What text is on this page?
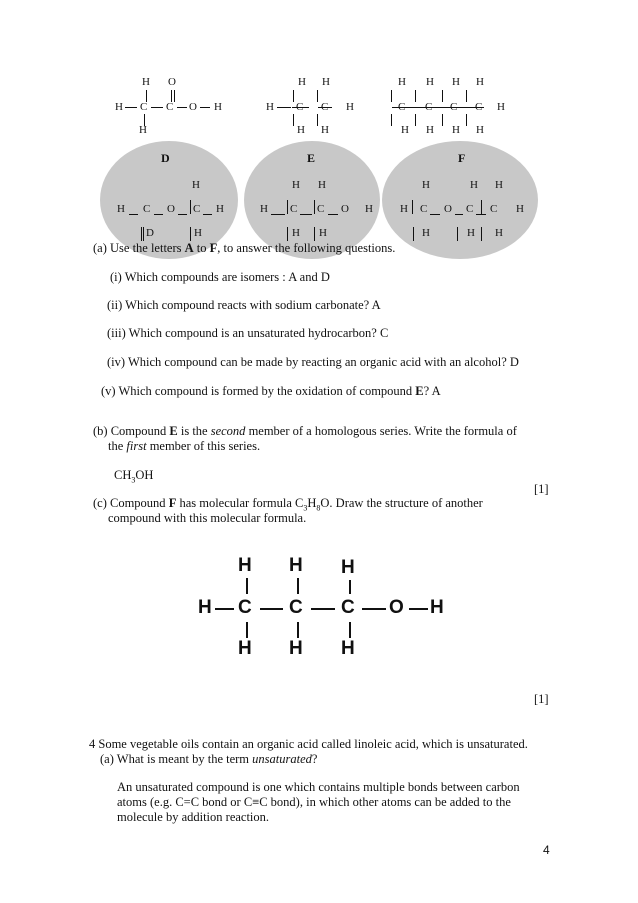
H O
H C C O H
H
H H
H	H
H H
H H H H
H
H H H H
D	E	F
H
H C O C H
D	H
H H
H C C O H
H H
H	H H
H C O C C H
H	H H
(a) Use the letters A to F, to answer the following questions.
(i) Which compounds are isomers : A and D
(ii) Which compound reacts with sodium carbonate? A
(iii) Which compound is an unsaturated hydrocarbon? C
(iv) Which compound can be made by reacting an organic acid with an alcohol? D
(v) Which compound is formed by the oxidation of compound E? A
(b) Compound E is the second member of a homologous series. Write the formula of
the first member of this series.
$CH_3OH$
[1]
(c) Compound F has molecular formula $C_3H_8O$. Draw the structure of another
compound with this molecular formula.
H H H
H C C C O H
H H H
[1]
4 Some vegetable oils contain an organic acid called linoleic acid, which is unsaturated.
(a) What is meant by the term unsaturated?
An unsaturated compound is one which contains multiple bonds between carbon
atoms (e.g. C=C bond or C≡C bond), in which other atoms can be added to the
molecule by addition reaction.
4
